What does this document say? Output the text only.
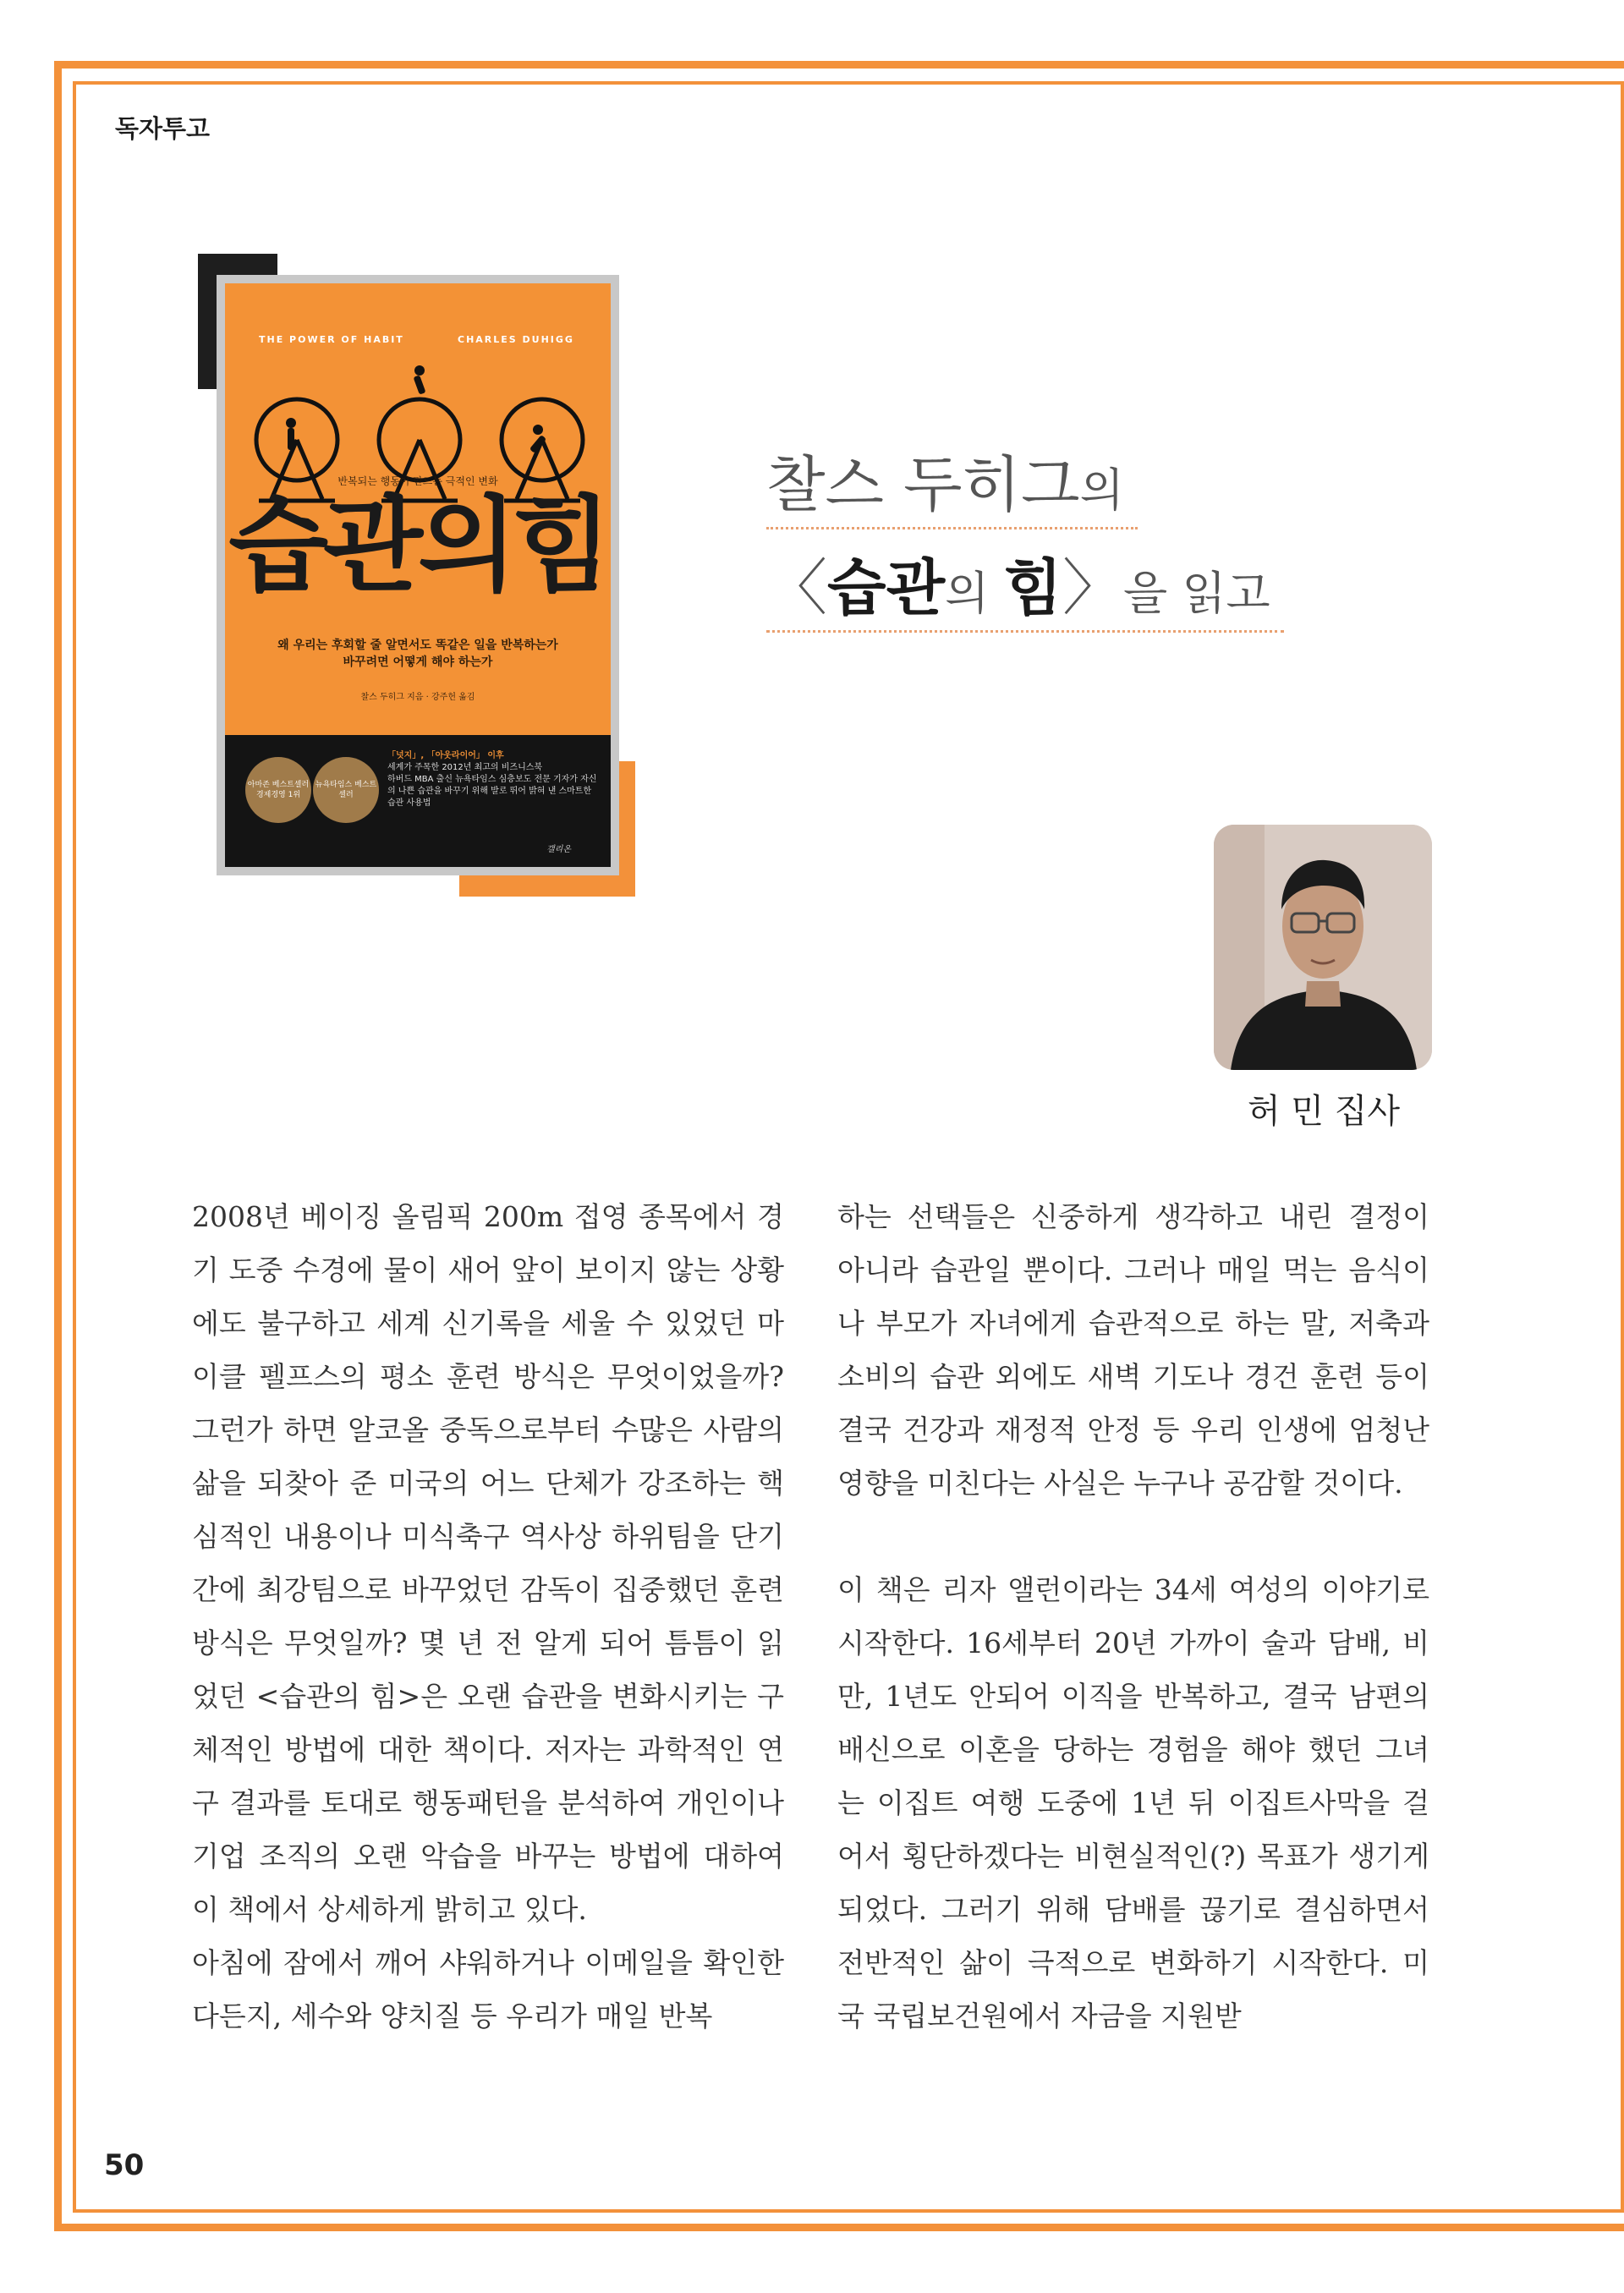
독자투고
THE POWER OF HABIT	CHARLES DUHIGG
반복되는 행동이 만드는 극적인 변화
습관의힘
왜 우리는 후회할 줄 알면서도 똑같은 일을 반복하는가
바꾸려면 어떻게 해야 하는가
찰스 두히그 지음 · 강주헌 옮김
아마존 베스트셀러 경제경영 1위
뉴욕타임스 베스트셀러
「넛지」, 「아웃라이어」 이후
세계가 주목한 2012년 최고의 비즈니스북
하버드 MBA 출신 뉴욕타임스 심층보도 전문 기자가 자신의 나쁜 습관을 바꾸기 위해 발로 뛰어 밝혀 낸 스마트한 습관 사용법
갤리온
찰스 두히그의
〈습관의 힘〉을 읽고
허 민 집사

2008년 베이징 올림픽 200m 접영 종목에서 경기 도중 수경에 물이 새어 앞이 보이지 않는 상황에도 불구하고 세계 신기록을 세울 수 있었던 마이클 펠프스의 평소 훈련 방식은 무엇이었을까? 그런가 하면 알코올 중독으로부터 수많은 사람의 삶을 되찾아 준 미국의 어느 단체가 강조하는 핵심적인 내용이나 미식축구 역사상 하위팀을 단기간에 최강팀으로 바꾸었던 감독이 집중했던 훈련 방식은 무엇일까? 몇 년 전 알게 되어 틈틈이 읽었던 <습관의 힘>은 오랜 습관을 변화시키는 구체적인 방법에 대한 책이다. 저자는 과학적인 연구 결과를 토대로 행동패턴을 분석하여 개인이나 기업 조직의 오랜 악습을 바꾸는 방법에 대하여 이 책에서 상세하게 밝히고 있다.

아침에 잠에서 깨어 샤워하거나 이메일을 확인한다든지, 세수와 양치질 등 우리가 매일 반복

하는 선택들은 신중하게 생각하고 내린 결정이 아니라 습관일 뿐이다. 그러나 매일 먹는 음식이나 부모가 자녀에게 습관적으로 하는 말, 저축과 소비의 습관 외에도 새벽 기도나 경건 훈련 등이 결국 건강과 재정적 안정 등 우리 인생에 엄청난 영향을 미친다는 사실은 누구나 공감할 것이다.

이 책은 리자 앨런이라는 34세 여성의 이야기로 시작한다. 16세부터 20년 가까이 술과 담배, 비만, 1년도 안되어 이직을 반복하고, 결국 남편의 배신으로 이혼을 당하는 경험을 해야 했던 그녀는 이집트 여행 도중에 1년 뒤 이집트사막을 걸어서 횡단하겠다는 비현실적인(?) 목표가 생기게 되었다. 그러기 위해 담배를 끊기로 결심하면서 전반적인 삶이 극적으로 변화하기 시작한다. 미국 국립보건원에서 자금을 지원받

50
